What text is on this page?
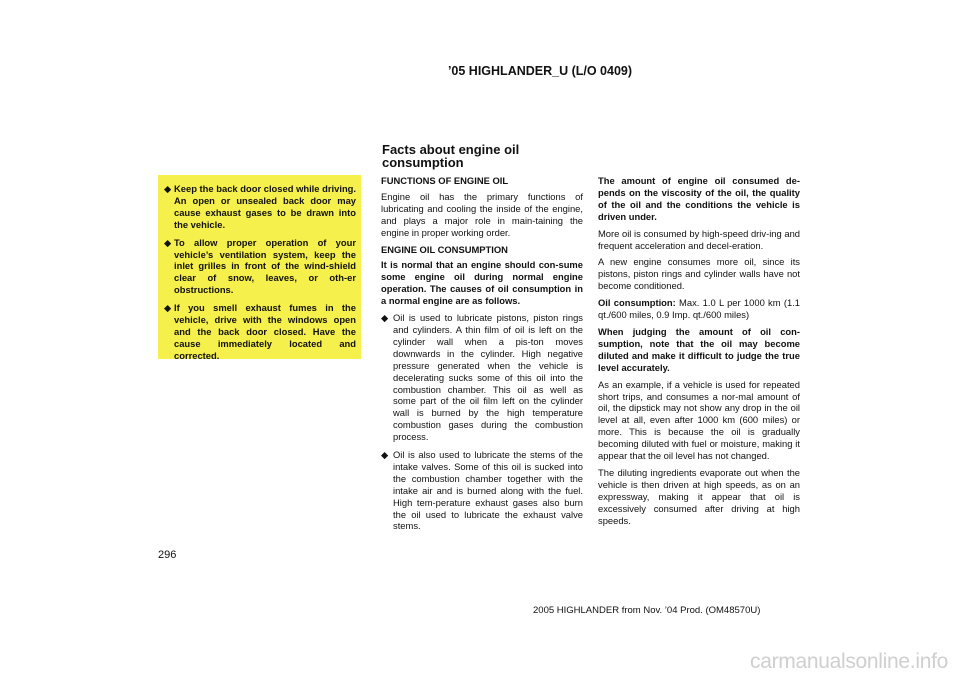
’05 HIGHLANDER_U (L/O 0409)
◆ Keep the back door closed while driving. An open or unsealed back door may cause exhaust gases to be drawn into the vehicle.
◆ To allow proper operation of your vehicle’s ventilation system, keep the inlet grilles in front of the wind-shield clear of snow, leaves, or oth-er obstructions.
◆ If you smell exhaust fumes in the vehicle, drive with the windows open and the back door closed. Have the cause immediately located and corrected.
Facts about engine oil consumption

FUNCTIONS OF ENGINE OIL

Engine oil has the primary functions of lubricating and cooling the inside of the engine, and plays a major role in main-taining the engine in proper working order.

ENGINE OIL CONSUMPTION

It is normal that an engine should con-sume some engine oil during normal engine operation. The causes of oil consumption in a normal engine are as follows.

◆ Oil is used to lubricate pistons, piston rings and cylinders. A thin film of oil is left on the cylinder wall when a pis-ton moves downwards in the cylinder. High negative pressure generated when the vehicle is decelerating sucks some of this oil into the combustion chamber. This oil as well as some part of the oil film left on the cylinder wall is burned by the high temperature combustion gases during the combustion process.
◆ Oil is also used to lubricate the stems of the intake valves. Some of this oil is sucked into the combustion chamber together with the intake air and is burned along with the fuel. High tem-perature exhaust gases also burn the oil used to lubricate the exhaust valve stems.

The amount of engine oil consumed de-pends on the viscosity of the oil, the quality of the oil and the conditions the vehicle is driven under.

More oil is consumed by high-speed driv-ing and frequent acceleration and decel-eration.

A new engine consumes more oil, since its pistons, piston rings and cylinder walls have not become conditioned.

Oil consumption: Max. 1.0 L per 1000 km (1.1 qt./600 miles, 0.9 Imp. qt./600 miles)

When judging the amount of oil con-sumption, note that the oil may become diluted and make it difficult to judge the true level accurately.

As an example, if a vehicle is used for repeated short trips, and consumes a nor-mal amount of oil, the dipstick may not show any drop in the oil level at all, even after 1000 km (600 miles) or more. This is because the oil is gradually becoming diluted with fuel or moisture, making it appear that the oil level has not changed.

The diluting ingredients evaporate out when the vehicle is then driven at high speeds, as on an expressway, making it appear that oil is excessively consumed after driving at high speeds.

296
2005 HIGHLANDER from Nov. ’04 Prod. (OM48570U)
carmanualsonline.info
